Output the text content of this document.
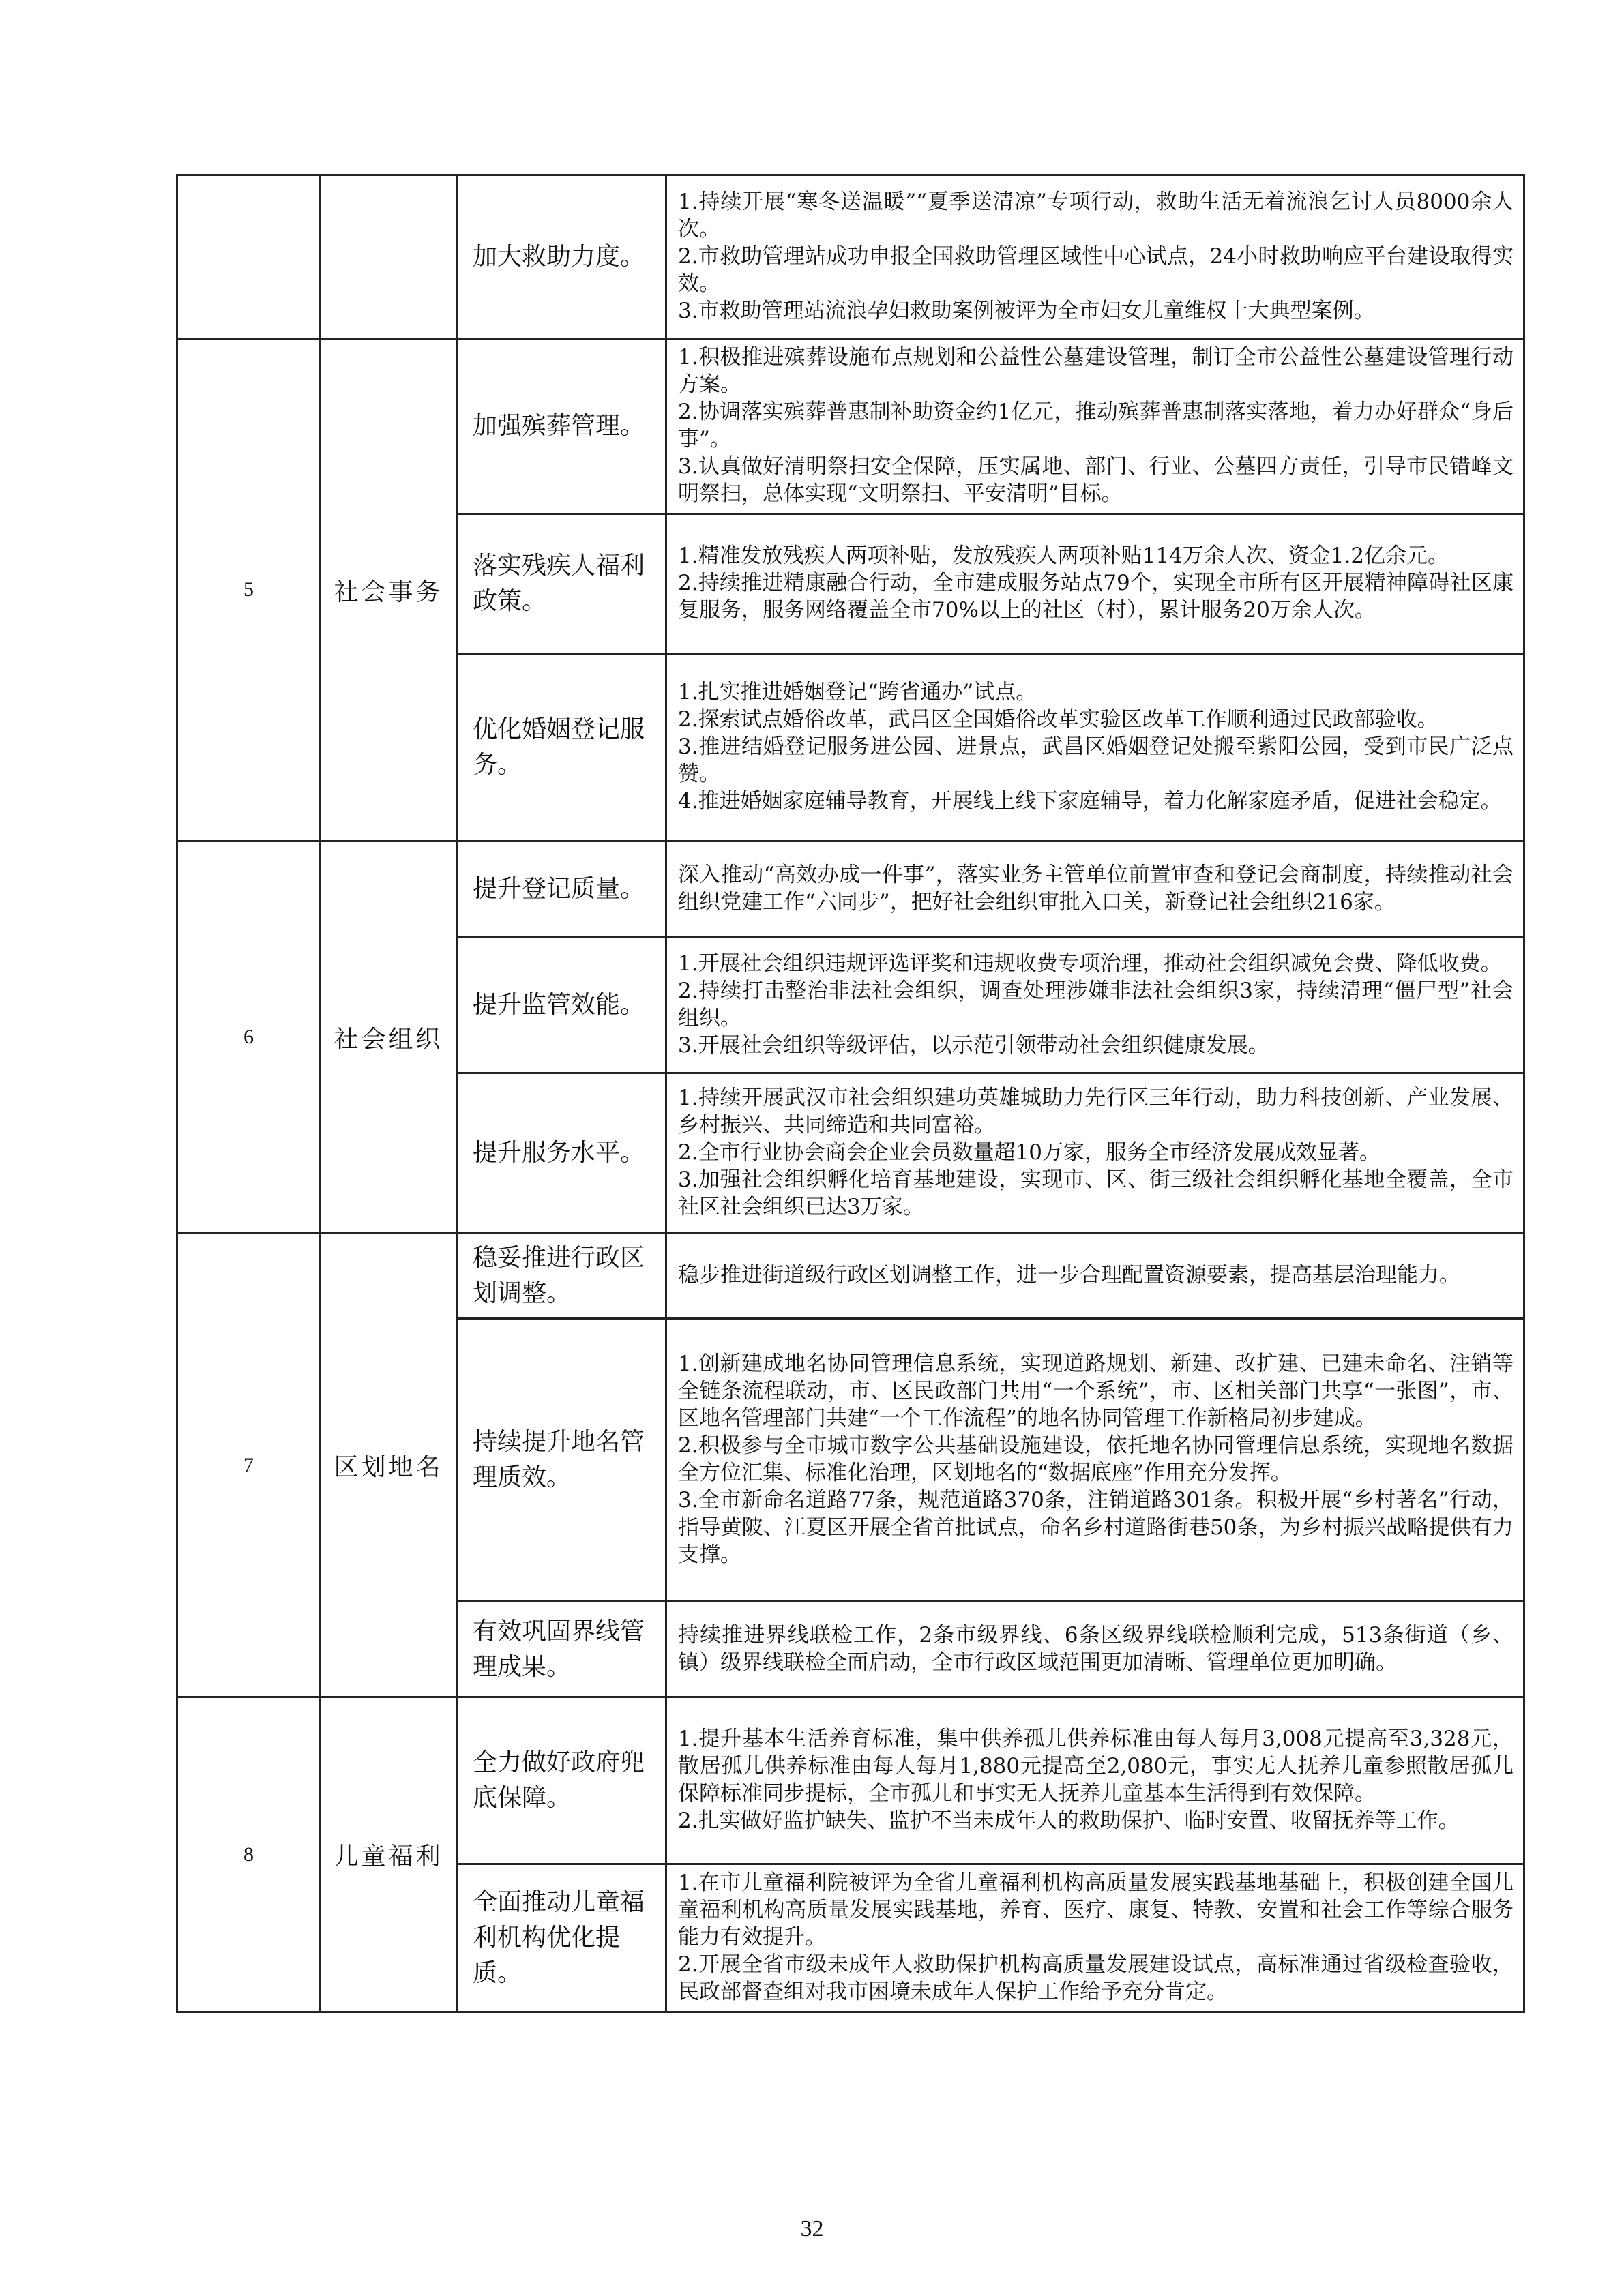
		加大救助力度。	1.持续开展“寒冬送温暖”“夏季送清凉”专项行动，救助生活无着流浪乞讨人员8000余人次。
2.市救助管理站成功申报全国救助管理区域性中心试点，24小时救助响应平台建设取得实效。
3.市救助管理站流浪孕妇救助案例被评为全市妇女儿童维权十大典型案例。

5	社会事务	加强殡葬管理。	1.积极推进殡葬设施布点规划和公益性公墓建设管理，制订全市公益性公墓建设管理行动方案。
2.协调落实殡葬普惠制补助资金约1亿元，推动殡葬普惠制落实落地，着力办好群众“身后事”。
3.认真做好清明祭扫安全保障，压实属地、部门、行业、公墓四方责任，引导市民错峰文明祭扫，总体实现“文明祭扫、平安清明”目标。

		落实残疾人福利政策。	1.精准发放残疾人两项补贴，发放残疾人两项补贴114万余人次、资金1.2亿余元。
2.持续推进精康融合行动，全市建成服务站点79个，实现全市所有区开展精神障碍社区康复服务，服务网络覆盖全市70%以上的社区（村），累计服务20万余人次。

		优化婚姻登记服务。	1.扎实推进婚姻登记“跨省通办”试点。
2.探索试点婚俗改革，武昌区全国婚俗改革实验区改革工作顺利通过民政部验收。
3.推进结婚登记服务进公园、进景点，武昌区婚姻登记处搬至紫阳公园，受到市民广泛点赞。
4.推进婚姻家庭辅导教育，开展线上线下家庭辅导，着力化解家庭矛盾，促进社会稳定。

6	社会组织	提升登记质量。	深入推动“高效办成一件事”，落实业务主管单位前置审查和登记会商制度，持续推动社会组织党建工作“六同步”，把好社会组织审批入口关，新登记社会组织216家。

		提升监管效能。	1.开展社会组织违规评选评奖和违规收费专项治理，推动社会组织减免会费、降低收费。
2.持续打击整治非法社会组织，调查处理涉嫌非法社会组织3家，持续清理“僵尸型”社会组织。
3.开展社会组织等级评估，以示范引领带动社会组织健康发展。

		提升服务水平。	1.持续开展武汉市社会组织建功英雄城助力先行区三年行动，助力科技创新、产业发展、乡村振兴、共同缔造和共同富裕。
2.全市行业协会商会企业会员数量超10万家，服务全市经济发展成效显著。
3.加强社会组织孵化培育基地建设，实现市、区、街三级社会组织孵化基地全覆盖，全市社区社会组织已达3万家。

7	区划地名	稳妥推进行政区划调整。	稳步推进街道级行政区划调整工作，进一步合理配置资源要素，提高基层治理能力。

		持续提升地名管理质效。	1.创新建成地名协同管理信息系统，实现道路规划、新建、改扩建、已建未命名、注销等全链条流程联动，市、区民政部门共用“一个系统”，市、区相关部门共享“一张图”，市、区地名管理部门共建“一个工作流程”的地名协同管理工作新格局初步建成。
2.积极参与全市城市数字公共基础设施建设，依托地名协同管理信息系统，实现地名数据全方位汇集、标准化治理，区划地名的“数据底座”作用充分发挥。
3.全市新命名道路77条，规范道路370条，注销道路301条。积极开展“乡村著名”行动，指导黄陂、江夏区开展全省首批试点，命名乡村道路街巷50条，为乡村振兴战略提供有力支撑。

		有效巩固界线管理成果。	持续推进界线联检工作，2条市级界线、6条区级界线联检顺利完成，513条街道（乡、镇）级界线联检全面启动，全市行政区域范围更加清晰、管理单位更加明确。

8	儿童福利	全力做好政府兜底保障。	1.提升基本生活养育标准，集中供养孤儿供养标准由每人每月3,008元提高至3,328元，散居孤儿供养标准由每人每月1,880元提高至2,080元，事实无人抚养儿童参照散居孤儿保障标准同步提标，全市孤儿和事实无人抚养儿童基本生活得到有效保障。
2.扎实做好监护缺失、监护不当未成年人的救助保护、临时安置、收留抚养等工作。

		全面推动儿童福利机构优化提质。	1.在市儿童福利院被评为全省儿童福利机构高质量发展实践基地基础上，积极创建全国儿童福利机构高质量发展实践基地，养育、医疗、康复、特教、安置和社会工作等综合服务能力有效提升。
2.开展全省市级未成年人救助保护机构高质量发展建设试点，高标准通过省级检查验收，民政部督查组对我市困境未成年人保护工作给予充分肯定。
32
